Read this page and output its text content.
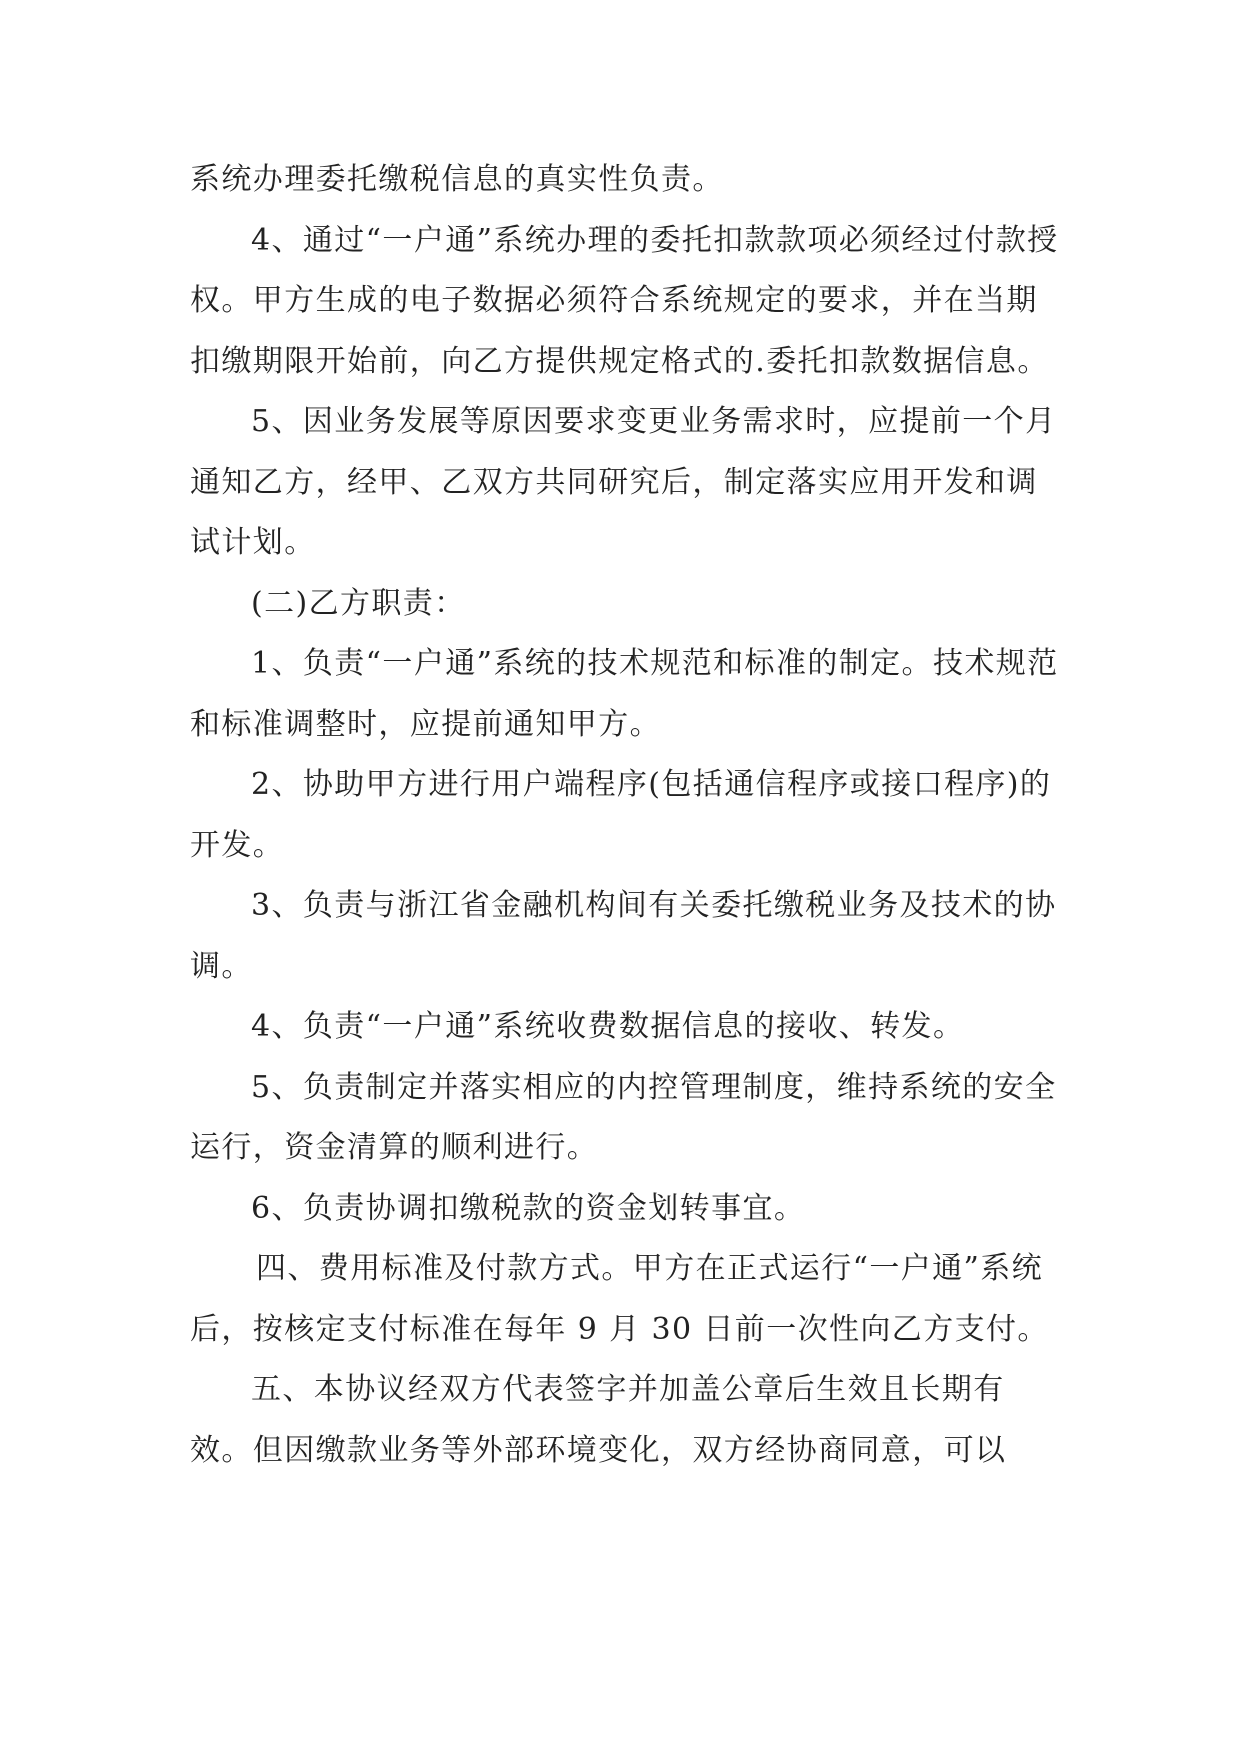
系统办理委托缴税信息的真实性负责。

4、通过“一户通”系统办理的委托扣款款项必须经过付款授权。甲方生成的电子数据必须符合系统规定的要求，并在当期扣缴期限开始前，向乙方提供规定格式的.委托扣款数据信息。

5、因业务发展等原因要求变更业务需求时，应提前一个月通知乙方，经甲、乙双方共同研究后，制定落实应用开发和调试计划。

(二)乙方职责：

1、负责“一户通”系统的技术规范和标准的制定。技术规范和标准调整时，应提前通知甲方。

2、协助甲方进行用户端程序(包括通信程序或接口程序)的开发。

3、负责与浙江省金融机构间有关委托缴税业务及技术的协调。

4、负责“一户通”系统收费数据信息的接收、转发。

5、负责制定并落实相应的内控管理制度，维持系统的安全运行，资金清算的顺利进行。

6、负责协调扣缴税款的资金划转事宜。

四、费用标准及付款方式。甲方在正式运行“一户通”系统后，按核定支付标准在每年 9 月 30 日前一次性向乙方支付。

五、本协议经双方代表签字并加盖公章后生效且长期有效。但因缴款业务等外部环境变化，双方经协商同意，可以
